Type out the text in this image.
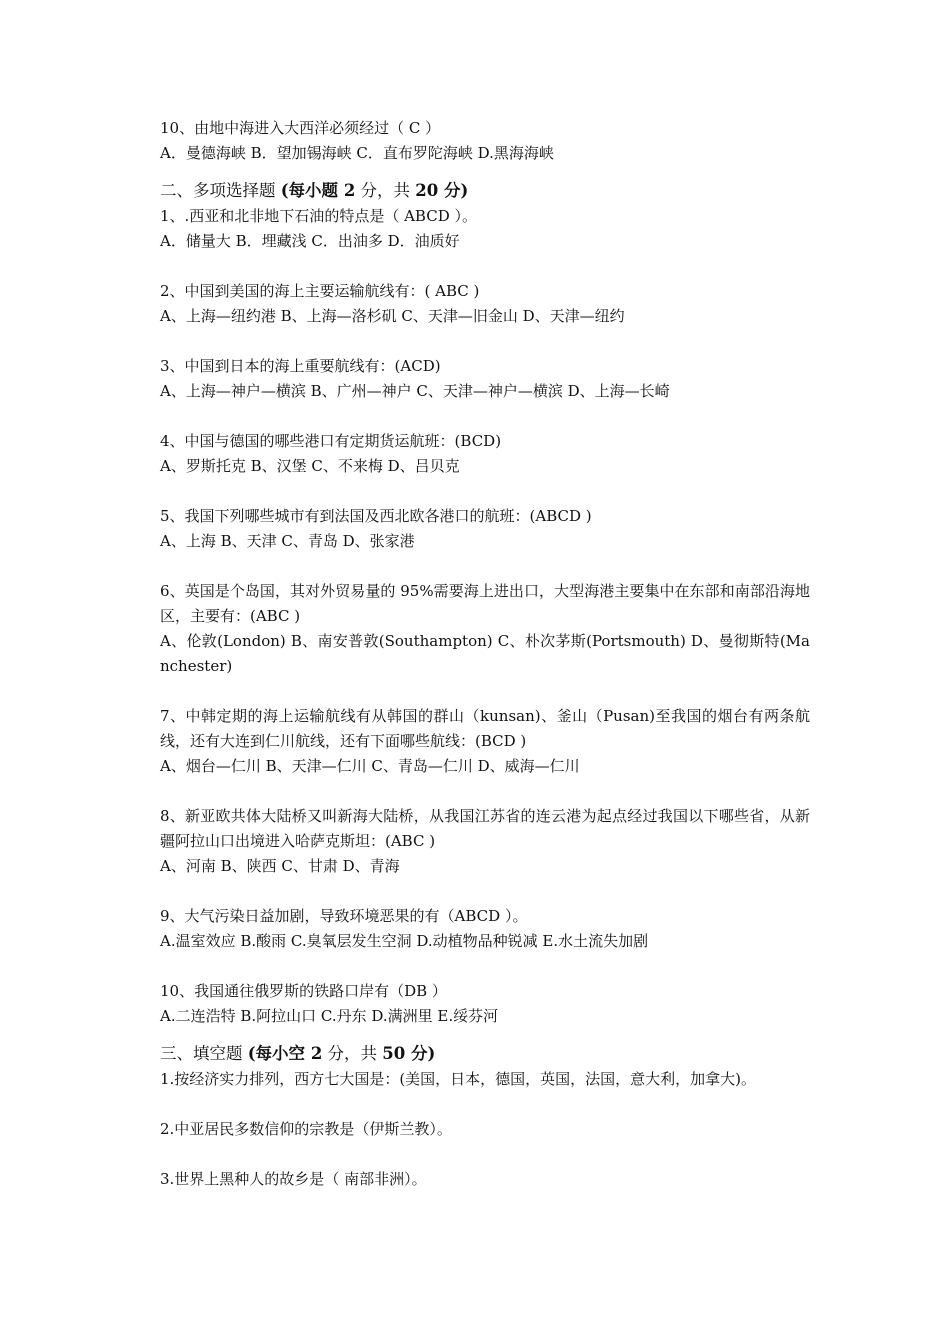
10、由地中海进入大西洋必须经过（ C ）
A．曼德海峡 B．望加锡海峡 C．直布罗陀海峡 D.黑海海峡
二、多项选择题 (每小题 2 分，共 20 分)
1、.西亚和北非地下石油的特点是（ ABCD ）。
A．储量大 B．埋藏浅 C．出油多 D．油质好
2、中国到美国的海上主要运输航线有：( ABC )
A、上海—纽约港 B、上海—洛杉矶 C、天津—旧金山 D、天津—纽约
3、中国到日本的海上重要航线有：(ACD)
A、上海—神户—横滨 B、广州—神户 C、天津—神户—横滨 D、上海—长崎
4、中国与德国的哪些港口有定期货运航班：(BCD)
A、罗斯托克 B、汉堡 C、不来梅 D、吕贝克
5、我国下列哪些城市有到法国及西北欧各港口的航班：(ABCD )
A、上海 B、天津 C、青岛 D、张家港
6、英国是个岛国，其对外贸易量的 95%需要海上进出口，大型海港主要集中在东部和南部沿海地区，主要有：(ABC )
A、伦敦(London) B、南安普敦(Southampton) C、朴次茅斯(Portsmouth) D、曼彻斯特(Manchester)
7、中韩定期的海上运输航线有从韩国的群山（kunsan)、釜山（Pusan)至我国的烟台有两条航线，还有大连到仁川航线，还有下面哪些航线：(BCD )
A、烟台—仁川 B、天津—仁川 C、青岛—仁川 D、威海—仁川
8、新亚欧共体大陆桥又叫新海大陆桥，从我国江苏省的连云港为起点经过我国以下哪些省，从新疆阿拉山口出境进入哈萨克斯坦：(ABC )
A、河南 B、陕西 C、甘肃 D、青海
9、大气污染日益加剧，导致环境恶果的有（ABCD ）。
A.温室效应 B.酸雨 C.臭氧层发生空洞 D.动植物品种锐减 E.水土流失加剧
10、我国通往俄罗斯的铁路口岸有（DB ）
A.二连浩特 B.阿拉山口 C.丹东 D.满洲里 E.绥芬河
三、填空题 (每小空 2 分，共 50 分)
1.按经济实力排列，西方七大国是：(美国，日本，德国，英国，法国，意大利，加拿大)。
2.中亚居民多数信仰的宗教是（伊斯兰教）。
3.世界上黑种人的故乡是（ 南部非洲）。
